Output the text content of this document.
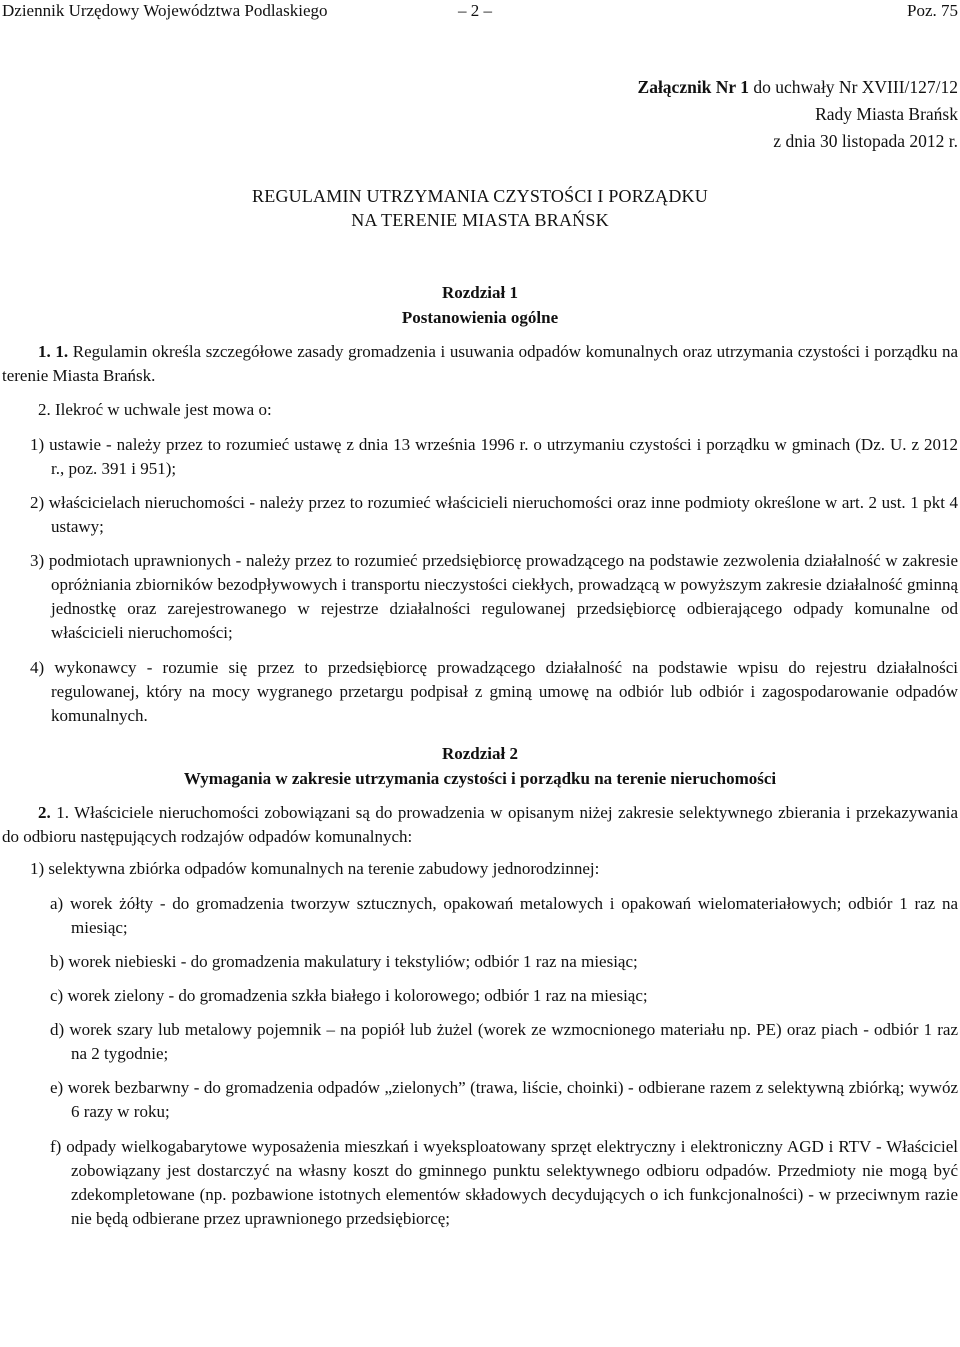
Dziennik Urzędowy Województwa Podlaskiego	– 2 –	Poz. 75
Załącznik Nr 1 do uchwały Nr XVIII/127/12
Rady Miasta Brańsk
z dnia 30 listopada 2012 r.
REGULAMIN UTRZYMANIA CZYSTOŚCI I PORZĄDKU
NA TERENIE MIASTA BRAŃSK
Rozdział 1
Postanowienia ogólne

1. 1. Regulamin określa szczegółowe zasady gromadzenia i usuwania odpadów komunalnych oraz utrzymania czystości i porządku na terenie Miasta Brańsk.

2. Ilekroć w uchwale jest mowa o:

1) ustawie - należy przez to rozumieć ustawę z dnia 13 września 1996 r. o utrzymaniu czystości i porządku w gminach (Dz. U. z 2012 r., poz. 391 i 951);

2) właścicielach nieruchomości - należy przez to rozumieć właścicieli nieruchomości oraz inne podmioty określone w art. 2 ust. 1 pkt 4 ustawy;

3) podmiotach uprawnionych - należy przez to rozumieć przedsiębiorcę prowadzącego na podstawie zezwolenia działalność w zakresie opróżniania zbiorników bezodpływowych i transportu nieczystości ciekłych, prowadzącą w powyższym zakresie działalność gminną jednostkę oraz zarejestrowanego w rejestrze działalności regulowanej przedsiębiorcę odbierającego odpady komunalne od właścicieli nieruchomości;

4) wykonawcy - rozumie się przez to przedsiębiorcę prowadzącego działalność na podstawie wpisu do rejestru działalności regulowanej, który na mocy wygranego przetargu podpisał z gminą umowę na odbiór lub odbiór i zagospodarowanie odpadów komunalnych.

Rozdział 2
Wymagania w zakresie utrzymania czystości i porządku na terenie nieruchomości

2. 1. Właściciele nieruchomości zobowiązani są do prowadzenia w opisanym niżej zakresie selektywnego zbierania i przekazywania do odbioru następujących rodzajów odpadów komunalnych:

1) selektywna zbiórka odpadów komunalnych na terenie zabudowy jednorodzinnej:

a) worek żółty - do gromadzenia tworzyw sztucznych, opakowań metalowych i opakowań wielomateriałowych; odbiór 1 raz na miesiąc;

b) worek niebieski - do gromadzenia makulatury i tekstyliów; odbiór 1 raz na miesiąc;

c) worek zielony - do gromadzenia szkła białego i kolorowego; odbiór 1 raz na miesiąc;

d) worek szary lub metalowy pojemnik – na popiół lub żużel (worek ze wzmocnionego materiału np. PE) oraz piach - odbiór 1 raz na 2 tygodnie;

e) worek bezbarwny - do gromadzenia odpadów „zielonych” (trawa, liście, choinki) - odbierane razem z selektywną zbiórką; wywóz 6 razy w roku;

f) odpady wielkogabarytowe wyposażenia mieszkań i wyeksploatowany sprzęt elektryczny i elektroniczny AGD i RTV - Właściciel zobowiązany jest dostarczyć na własny koszt do gminnego punktu selektywnego odbioru odpadów. Przedmioty nie mogą być zdekompletowane (np. pozbawione istotnych elementów składowych decydujących o ich funkcjonalności) - w przeciwnym razie nie będą odbierane przez uprawnionego przedsiębiorcę;
